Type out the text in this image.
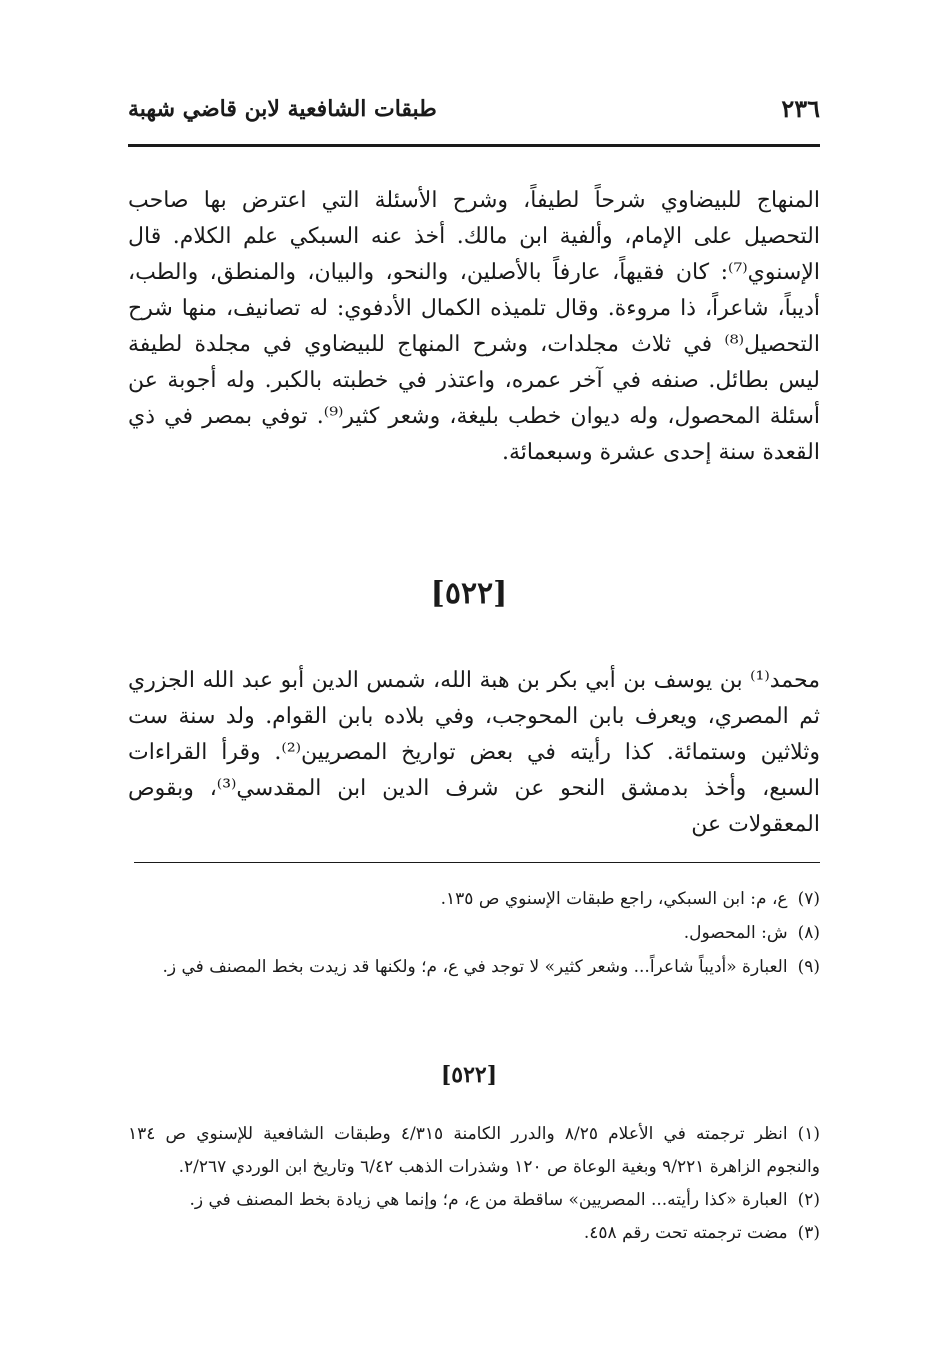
٢٣٦
طبقات الشافعية لابن قاضي شهبة

المنهاج للبيضاوي شرحاً لطيفاً، وشرح الأسئلة التي اعترض بها صاحب التحصيل على الإمام، وألفية ابن مالك. أخذ عنه السبكي علم الكلام. قال الإسنوي⁽⁷⁾: كان فقيهاً، عارفاً بالأصلين، والنحو، والبيان، والمنطق، والطب، أديباً، شاعراً، ذا مروءة. وقال تلميذه الكمال الأدفوي: له تصانيف، منها شرح التحصيل⁽⁸⁾ في ثلاث مجلدات، وشرح المنهاج للبيضاوي في مجلدة لطيفة ليس بطائل. صنفه في آخر عمره، واعتذر في خطبته بالكبر. وله أجوبة عن أسئلة المحصول، وله ديوان خطب بليغة، وشعر كثير⁽⁹⁾. توفي بمصر في ذي القعدة سنة إحدى عشرة وسبعمائة.

[٥٢٢]

محمد⁽¹⁾ بن يوسف بن أبي بكر بن هبة الله، شمس الدين أبو عبد الله الجزري ثم المصري، ويعرف بابن المحوجب، وفي بلاده بابن القوام. ولد سنة ست وثلاثين وستمائة. كذا رأيته في بعض تواريخ المصريين⁽²⁾. وقرأ القراءات السبع، وأخذ بدمشق النحو عن شرف الدين ابن المقدسي⁽³⁾، وبقوص المعقولات عن

(٧)ع، م: ابن السبكي، راجع طبقات الإسنوي ص ١٣٥.

(٨)ش: المحصول.

(٩)العبارة «أديباً شاعراً... وشعر كثير» لا توجد في ع، م؛ ولكنها قد زيدت بخط المصنف في ز.

[٥٢٢]

(١)انظر ترجمته في الأعلام ٨/٢٥ والدرر الكامنة ٤/٣١٥ وطبقات الشافعية للإسنوي ص ١٣٤ والنجوم الزاهرة ٩/٢٢١ وبغية الوعاة ص ١٢٠ وشذرات الذهب ٦/٤٢ وتاريخ ابن الوردي ٢/٢٦٧.

(٢)العبارة «كذا رأيته... المصريين» ساقطة من ع، م؛ وإنما هي زيادة بخط المصنف في ز.

(٣)مضت ترجمته تحت رقم ٤٥٨.
